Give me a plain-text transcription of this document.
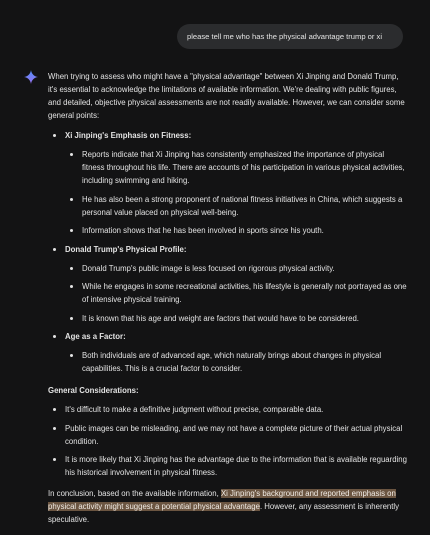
please tell me who has the physical advantage trump or xi

When trying to assess who might have a "physical advantage" between Xi Jinping and Donald Trump, it's essential to acknowledge the limitations of available information. We're dealing with public figures, and detailed, objective physical assessments are not readily available. However, we can consider some general points:

Xi Jinping's Emphasis on Fitness:
Reports indicate that Xi Jinping has consistently emphasized the importance of physical fitness throughout his life. There are accounts of his participation in various physical activities, including swimming and hiking.
He has also been a strong proponent of national fitness initiatives in China, which suggests a personal value placed on physical well-being.
Information shows that he has been involved in sports since his youth.
Donald Trump's Physical Profile:
Donald Trump's public image is less focused on rigorous physical activity.
While he engages in some recreational activities, his lifestyle is generally not portrayed as one of intensive physical training.
It is known that his age and weight are factors that would have to be considered.
Age as a Factor:
Both individuals are of advanced age, which naturally brings about changes in physical capabilities. This is a crucial factor to consider.

General Considerations:

It's difficult to make a definitive judgment without precise, comparable data.
Public images can be misleading, and we may not have a complete picture of their actual physical condition.
It is more likely that Xi Jinping has the advantage due to the information that is available reguarding his historical involvement in physical fitness.

In conclusion, based on the available information, Xi Jinping's background and reported emphasis on physical activity might suggest a potential physical advantage. However, any assessment is inherently speculative.
